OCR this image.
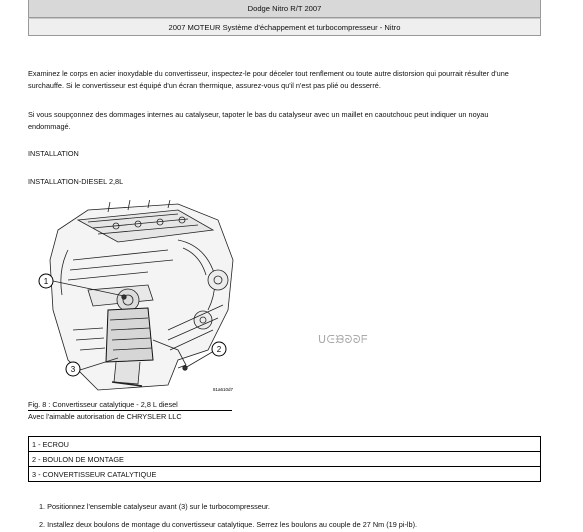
Dodge Nitro R/T 2007
2007 MOTEUR Système d'échappement et turbocompresseur - Nitro
Examinez le corps en acier inoxydable du convertisseur, inspectez-le pour déceler tout renflement ou toute autre distorsion qui pourrait résulter d'une
surchauffe. Si le convertisseur est équipé d'un écran thermique, assurez-vous qu'il n'est pas plié ou desserré.
Si vous soupçonnez des dommages internes au catalyseur, tapoter le bas du catalyseur avec un maillet en caoutchouc peut indiquer un noyau
endommagé.
INSTALLATION
INSTALLATION-DIESEL 2,8L
1
2
3
81a610d7
ᑌᕮᙖᘐᘐᖴ
Fig. 8 : Convertisseur catalytique - 2,8 L diesel
Avec l'aimable autorisation de CHRYSLER LLC
1 - ECROU
2 - BOULON DE MONTAGE
3 - CONVERTISSEUR CATALYTIQUE
1. Positionnez l'ensemble catalyseur avant (3) sur le turbocompresseur.
2. Installez deux boulons de montage du convertisseur catalytique. Serrez les boulons au couple de 27 Nm (19 pi-lb).
